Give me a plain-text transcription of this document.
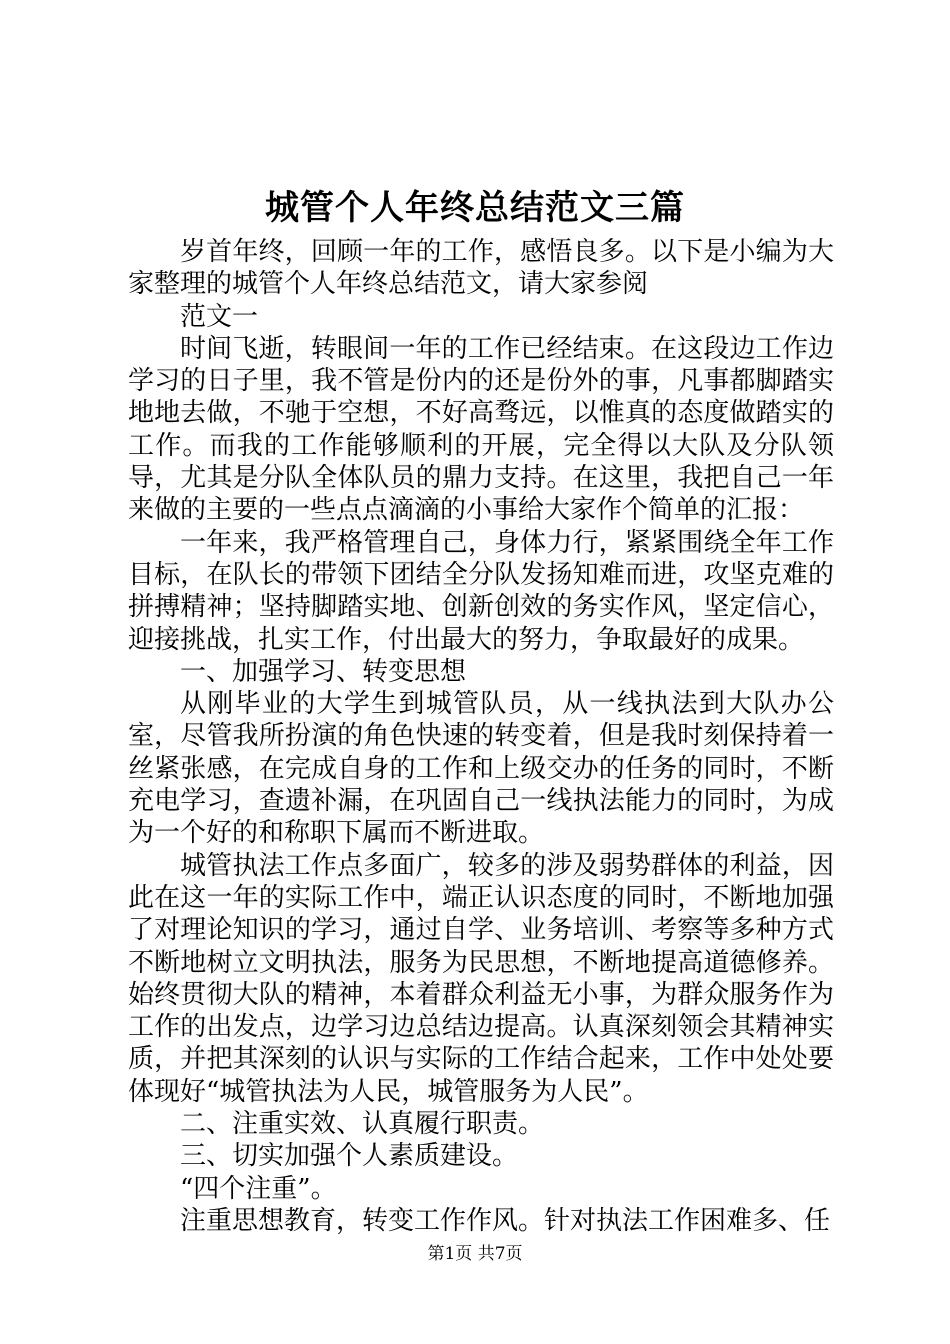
城管个人年终总结范文三篇

岁首年终，回顾一年的工作，感悟良多。以下是小编为大家整理的城管个人年终总结范文，请大家参阅

范文一

时间飞逝，转眼间一年的工作已经结束。在这段边工作边学习的日子里，我不管是份内的还是份外的事，凡事都脚踏实地地去做，不驰于空想，不好高骛远，以惟真的态度做踏实的工作。而我的工作能够顺利的开展，完全得以大队及分队领导，尤其是分队全体队员的鼎力支持。在这里，我把自己一年来做的主要的一些点点滴滴的小事给大家作个简单的汇报：

一年来，我严格管理自己，身体力行，紧紧围绕全年工作目标，在队长的带领下团结全分队发扬知难而进，攻坚克难的拼搏精神；坚持脚踏实地、创新创效的务实作风，坚定信心，迎接挑战，扎实工作，付出最大的努力，争取最好的成果。

一、加强学习、转变思想

从刚毕业的大学生到城管队员，从一线执法到大队办公室，尽管我所扮演的角色快速的转变着，但是我时刻保持着一丝紧张感，在完成自身的工作和上级交办的任务的同时，不断充电学习，查遗补漏，在巩固自己一线执法能力的同时，为成为一个好的和称职下属而不断进取。

城管执法工作点多面广，较多的涉及弱势群体的利益，因此在这一年的实际工作中，端正认识态度的同时，不断地加强了对理论知识的学习，通过自学、业务培训、考察等多种方式不断地树立文明执法，服务为民思想，不断地提高道德修养。始终贯彻大队的精神，本着群众利益无小事，为群众服务作为工作的出发点，边学习边总结边提高。认真深刻领会其精神实质，并把其深刻的认识与实际的工作结合起来，工作中处处要体现好“城管执法为人民，城管服务为人民”。

二、注重实效、认真履行职责。

三、切实加强个人素质建设。

“四个注重”。

注重思想教育，转变工作作风。针对执法工作困难多、任

第1页 共7页
